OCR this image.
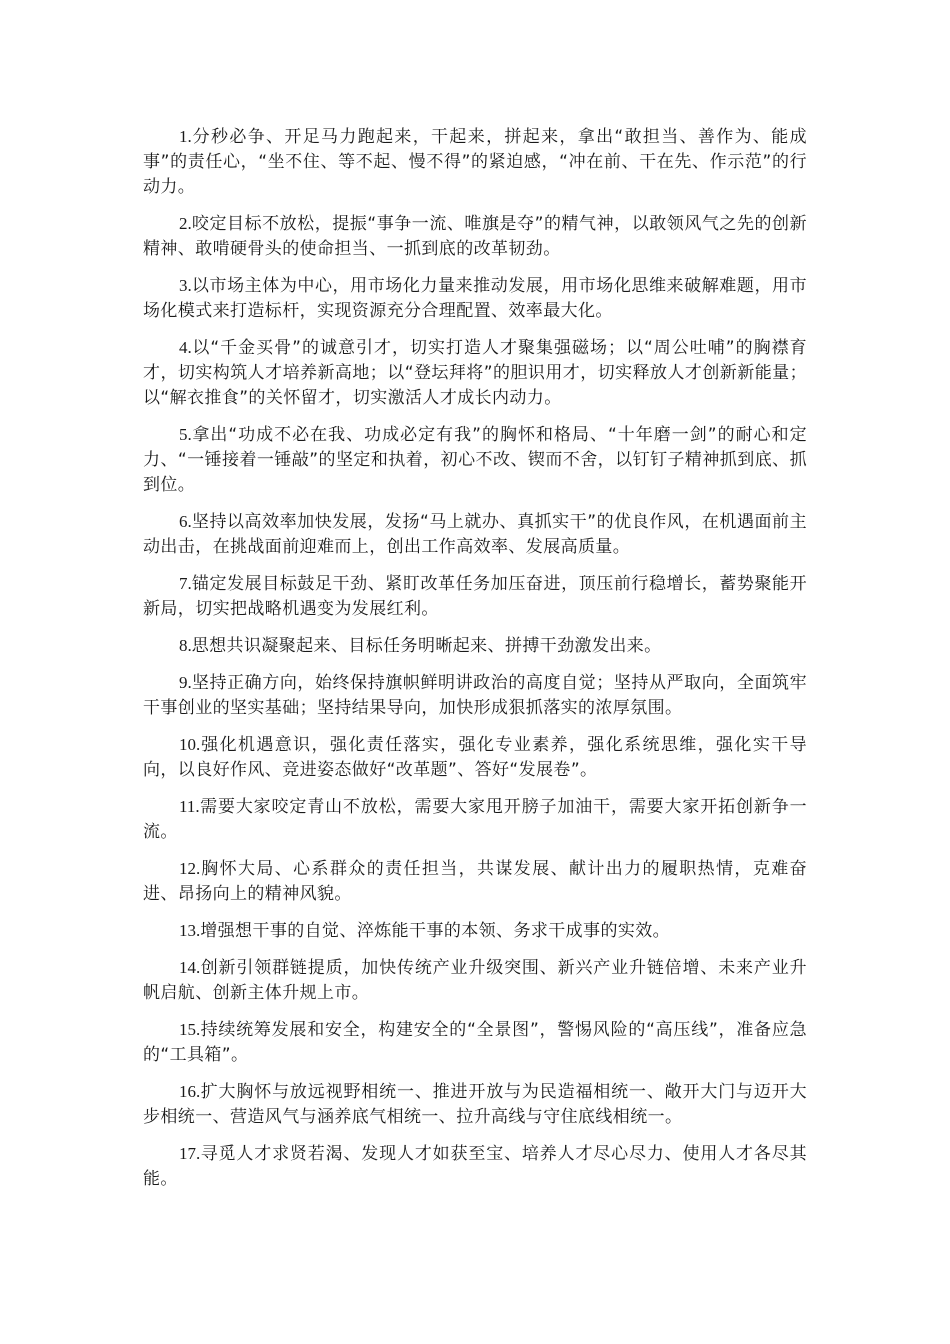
1.分秒必争、开足马力跑起来，干起来，拼起来，拿出“敢担当、善作为、能成事”的责任心，“坐不住、等不起、慢不得”的紧迫感，“冲在前、干在先、作示范”的行动力。

2.咬定目标不放松，提振“事争一流、唯旗是夺”的精气神，以敢领风气之先的创新精神、敢啃硬骨头的使命担当、一抓到底的改革韧劲。

3.以市场主体为中心，用市场化力量来推动发展，用市场化思维来破解难题，用市场化模式来打造标杆，实现资源充分合理配置、效率最大化。

4.以“千金买骨”的诚意引才，切实打造人才聚集强磁场；以“周公吐哺”的胸襟育才，切实构筑人才培养新高地；以“登坛拜将”的胆识用才，切实释放人才创新新能量；以“解衣推食”的关怀留才，切实激活人才成长内动力。

5.拿出“功成不必在我、功成必定有我”的胸怀和格局、“十年磨一剑”的耐心和定力、“一锤接着一锤敲”的坚定和执着，初心不改、锲而不舍，以钉钉子精神抓到底、抓到位。

6.坚持以高效率加快发展，发扬“马上就办、真抓实干”的优良作风，在机遇面前主动出击，在挑战面前迎难而上，创出工作高效率、发展高质量。

7.锚定发展目标鼓足干劲、紧盯改革任务加压奋进，顶压前行稳增长，蓄势聚能开新局，切实把战略机遇变为发展红利。

8.思想共识凝聚起来、目标任务明晰起来、拼搏干劲激发出来。

9.坚持正确方向，始终保持旗帜鲜明讲政治的高度自觉；坚持从严取向，全面筑牢干事创业的坚实基础；坚持结果导向，加快形成狠抓落实的浓厚氛围。

10.强化机遇意识，强化责任落实，强化专业素养，强化系统思维，强化实干导向，以良好作风、竞进姿态做好“改革题”、答好“发展卷”。

11.需要大家咬定青山不放松，需要大家甩开膀子加油干，需要大家开拓创新争一流。

12.胸怀大局、心系群众的责任担当，共谋发展、献计出力的履职热情，克难奋进、昂扬向上的精神风貌。

13.增强想干事的自觉、淬炼能干事的本领、务求干成事的实效。

14.创新引领群链提质，加快传统产业升级突围、新兴产业升链倍增、未来产业升帆启航、创新主体升规上市。

15.持续统筹发展和安全，构建安全的“全景图”，警惕风险的“高压线”，准备应急的“工具箱”。

16.扩大胸怀与放远视野相统一、推进开放与为民造福相统一、敞开大门与迈开大步相统一、营造风气与涵养底气相统一、拉升高线与守住底线相统一。

17.寻觅人才求贤若渴、发现人才如获至宝、培养人才尽心尽力、使用人才各尽其能。
